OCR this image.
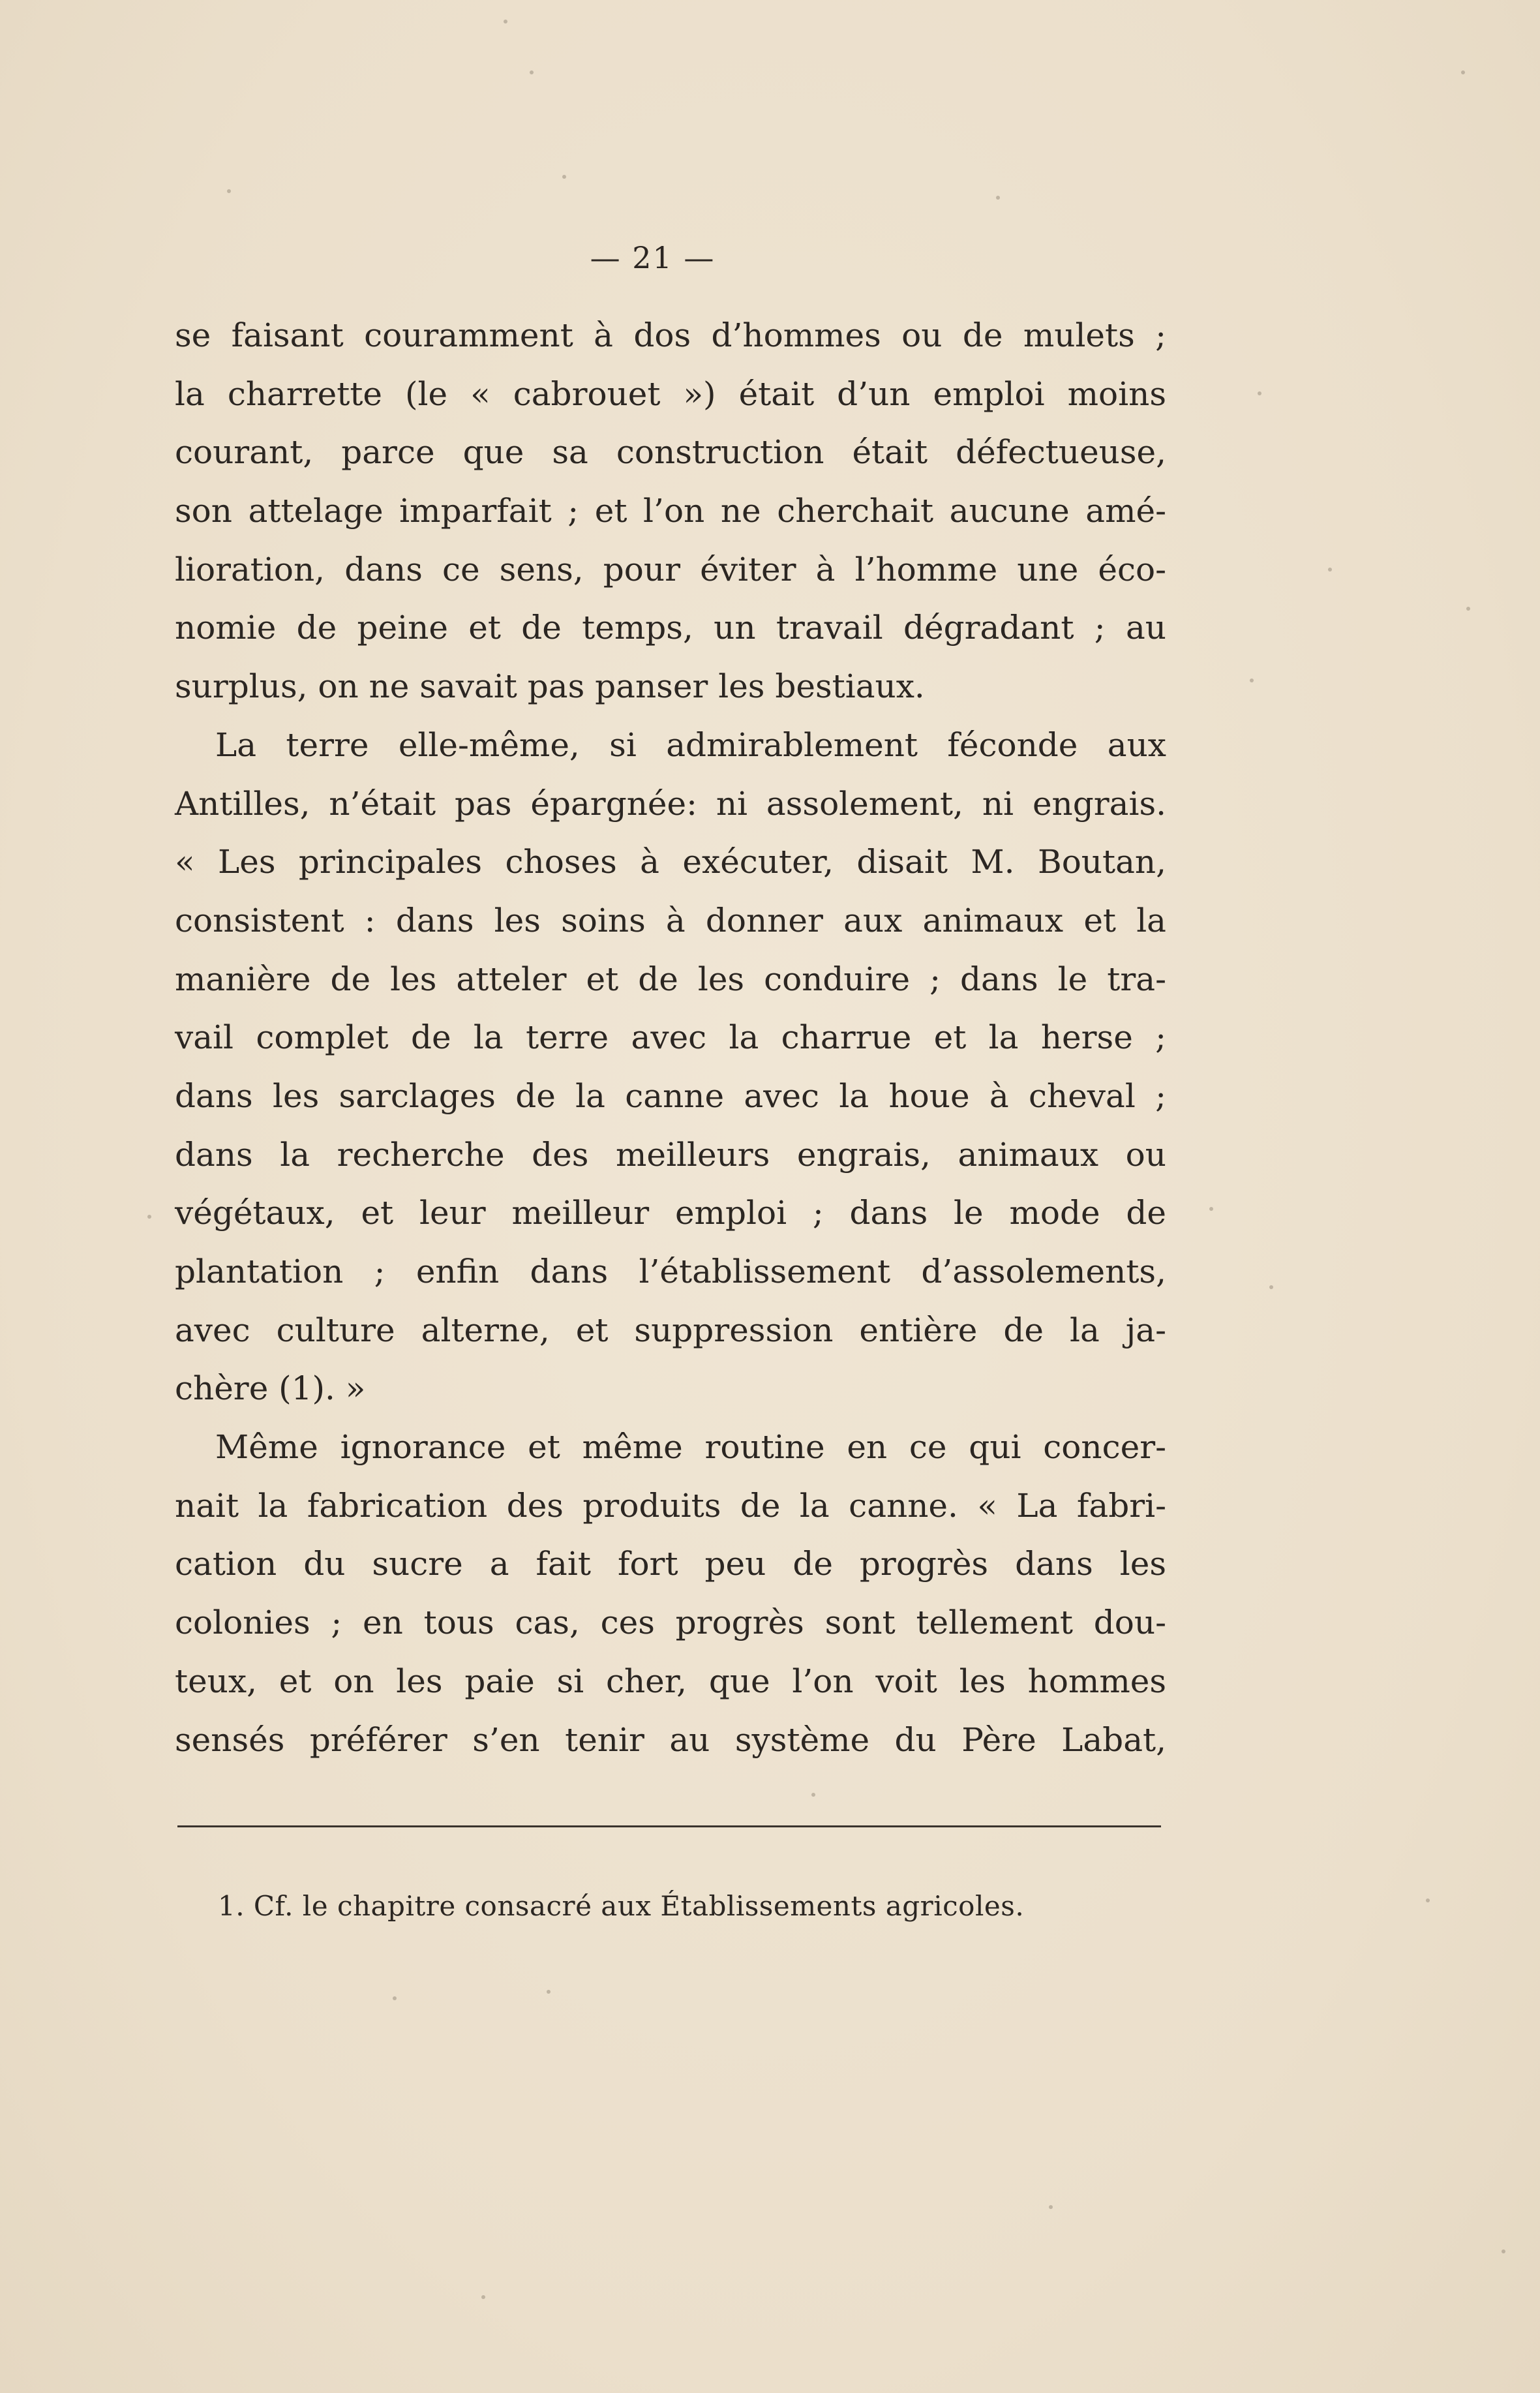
— 21 —
se faisant couramment à dos d’hommes ou de mulets ;
la charrette (le « cabrouet ») était d’un emploi moins
courant, parce que sa construction était défectueuse,
son attelage imparfait ; et l’on ne cherchait aucune amé-
lioration, dans ce sens, pour éviter à l’homme une éco-
nomie de peine et de temps, un travail dégradant ; au
surplus, on ne savait pas panser les bestiaux.
La terre elle-même, si admirablement féconde aux
Antilles, n’était pas épargnée: ni assolement, ni engrais.
« Les principales choses à exécuter, disait M. Boutan,
consistent : dans les soins à donner aux animaux et la
manière de les atteler et de les conduire ; dans le tra-
vail complet de la terre avec la charrue et la herse ;
dans les sarclages de la canne avec la houe à cheval ;
dans la recherche des meilleurs engrais, animaux ou
végétaux, et leur meilleur emploi ; dans le mode de
plantation ; enfin dans l’établissement d’assolements,
avec culture alterne, et suppression entière de la ja-
chère (1). »
Même ignorance et même routine en ce qui concer-
nait la fabrication des produits de la canne. « La fabri-
cation du sucre a fait fort peu de progrès dans les
colonies ; en tous cas, ces progrès sont tellement dou-
teux, et on les paie si cher, que l’on voit les hommes
sensés préférer s’en tenir au système du Père Labat,
1. Cf. le chapitre consacré aux Établissements agricoles.
